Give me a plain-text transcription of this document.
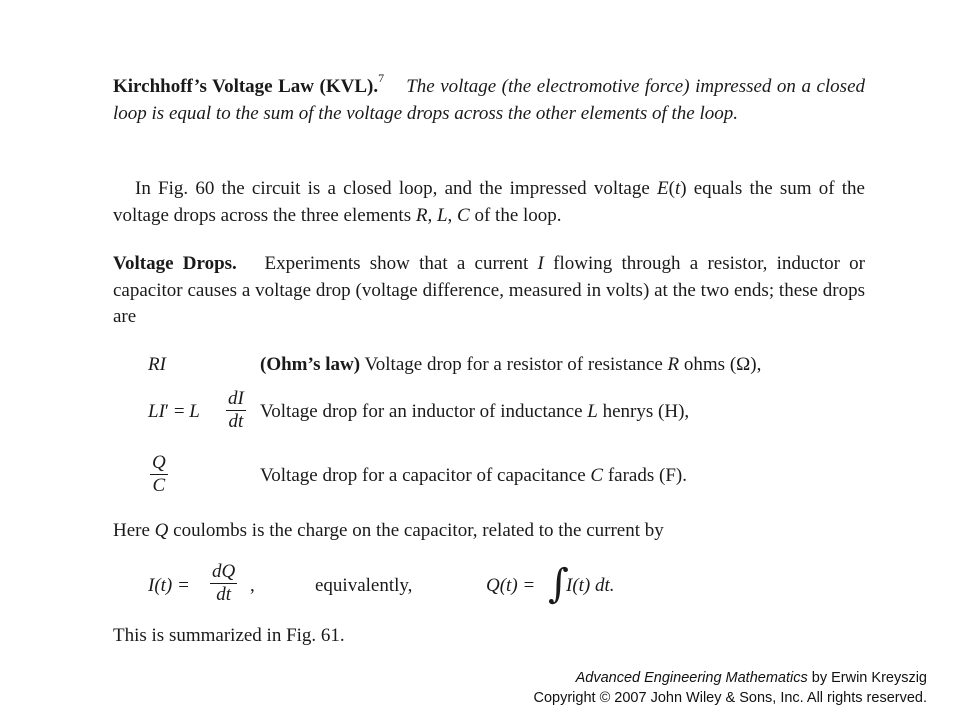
Kirchhoff’s Voltage Law (KVL).$^7$ The voltage (the electromotive force) impressed on a closed loop is equal to the sum of the voltage drops across the other elements of the loop.
In Fig. 60 the circuit is a closed loop, and the impressed voltage E(t) equals the sum of the voltage drops across the three elements R, L, C of the loop.
Voltage Drops. Experiments show that a current I flowing through a resistor, inductor or capacitor causes a voltage drop (voltage difference, measured in volts) at the two ends; these drops are
RI	(Ohm’s law) Voltage drop for a resistor of resistance R ohms (Ω),
LI′ = L $\frac{dI}{dt}$ Voltage drop for an inductor of inductance L henrys (H),
$\frac{Q}{C}$	Voltage drop for a capacitor of capacitance C farads (F).
Here Q coulombs is the charge on the capacitor, related to the current by
$I(t) = \frac{dQ}{dt}$ ,	equivalently,	Q(t) = ∫
I(t) dt.
This is summarized in Fig. 61.
Advanced Engineering Mathematics by Erwin Kreyszig
Copyright © 2007 John Wiley & Sons, Inc. All rights reserved.
